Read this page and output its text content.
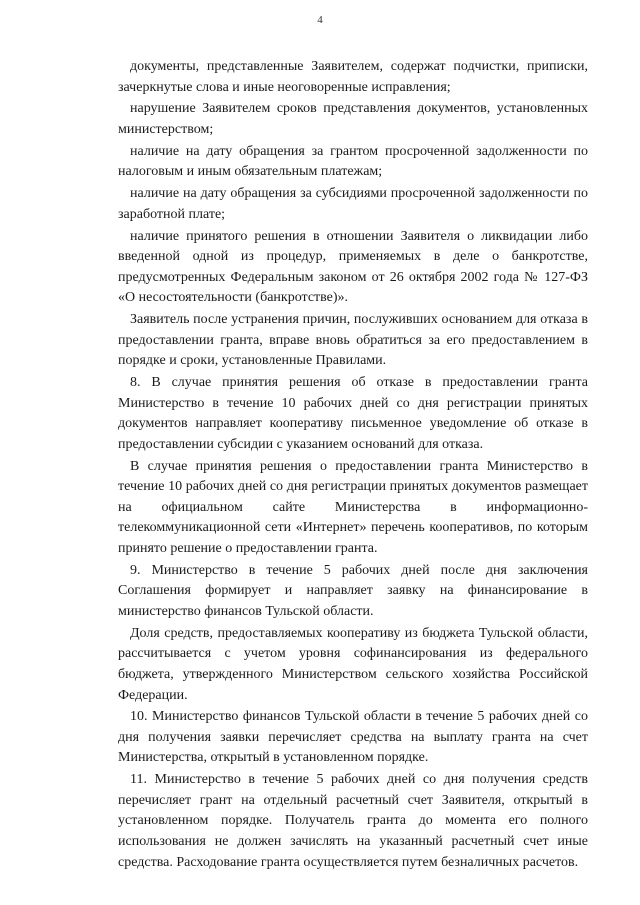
4

документы, представленные Заявителем, содержат подчистки, приписки, зачеркнутые слова и иные неоговоренные исправления;

нарушение Заявителем сроков представления документов, установленных министерством;

наличие на дату обращения за грантом просроченной задолженности по налоговым и иным обязательным платежам;

наличие на дату обращения за субсидиями просроченной задолженности по заработной плате;

наличие принятого решения в отношении Заявителя о ликвидации либо введенной одной из процедур, применяемых в деле о банкротстве, предусмотренных Федеральным законом от 26 октября 2002 года № 127-ФЗ «О несостоятельности (банкротстве)».

Заявитель после устранения причин, послуживших основанием для отказа в предоставлении гранта, вправе вновь обратиться за его предоставлением в порядке и сроки, установленные Правилами.

8. В случае принятия решения об отказе в предоставлении гранта Министерство в течение 10 рабочих дней со дня регистрации принятых документов направляет кооперативу письменное уведомление об отказе в предоставлении субсидии с указанием оснований для отказа.

В случае принятия решения о предоставлении гранта Министерство в течение 10 рабочих дней со дня регистрации принятых документов размещает на официальном сайте Министерства в информационно-телекоммуникационной сети «Интернет» перечень кооперативов, по которым принято решение о предоставлении гранта.

9. Министерство в течение 5 рабочих дней после дня заключения Соглашения формирует и направляет заявку на финансирование в министерство финансов Тульской области.

Доля средств, предоставляемых кооперативу из бюджета Тульской области, рассчитывается с учетом уровня софинансирования из федерального бюджета, утвержденного Министерством сельского хозяйства Российской Федерации.

10. Министерство финансов Тульской области в течение 5 рабочих дней со дня получения заявки перечисляет средства на выплату гранта на счет Министерства, открытый в установленном порядке.

11. Министерство в течение 5 рабочих дней со дня получения средств перечисляет грант на отдельный расчетный счет Заявителя, открытый в установленном порядке. Получатель гранта до момента его полного использования не должен зачислять на указанный расчетный счет иные средства. Расходование гранта осуществляется путем безналичных расчетов.
